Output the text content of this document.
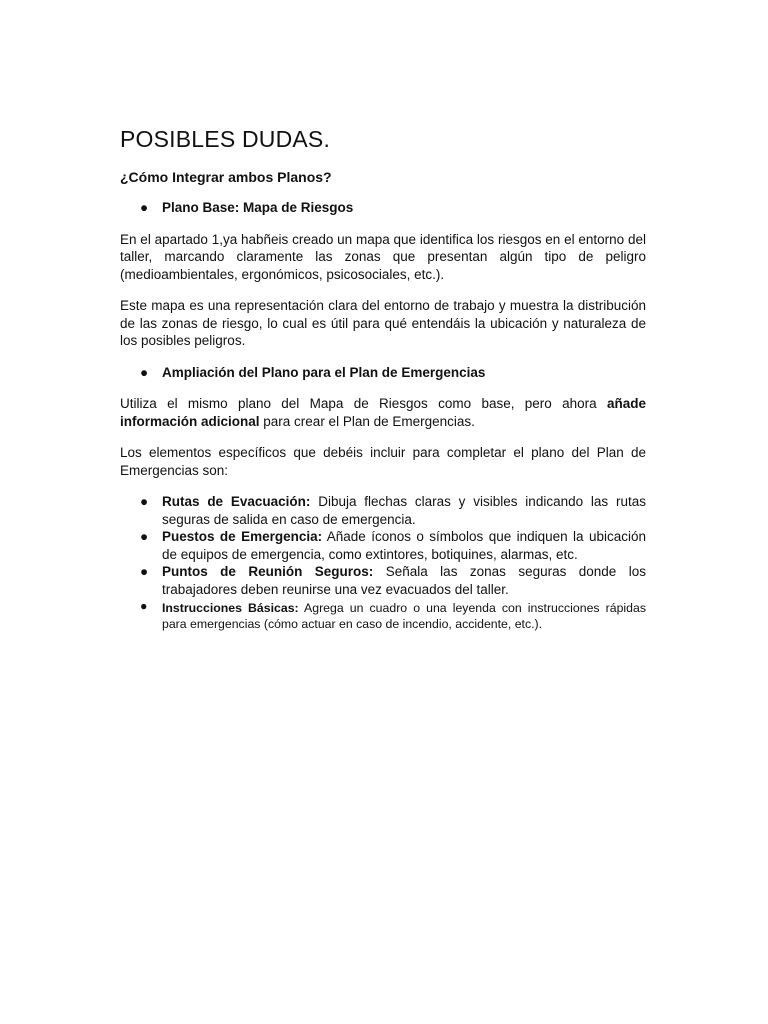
POSIBLES DUDAS.
¿Cómo Integrar ambos Planos?
● Plano Base: Mapa de Riesgos

En el apartado 1,ya habñeis creado un mapa que identifica los riesgos en el entorno del taller, marcando claramente las zonas que presentan algún tipo de peligro (medioambientales, ergonómicos, psicosociales, etc.).

Este mapa es una representación clara del entorno de trabajo y muestra la distribución de las zonas de riesgo, lo cual es útil para qué entendáis la ubicación y naturaleza de los posibles peligros.

● Ampliación del Plano para el Plan de Emergencias

Utiliza el mismo plano del Mapa de Riesgos como base, pero ahora añade información adicional para crear el Plan de Emergencias.

Los elementos específicos que debéis incluir para completar el plano del Plan de Emergencias son:

● Rutas de Evacuación: Dibuja flechas claras y visibles indicando las rutas seguras de salida en caso de emergencia.
● Puestos de Emergencia: Añade íconos o símbolos que indiquen la ubicación de equipos de emergencia, como extintores, botiquines, alarmas, etc.
● Puntos de Reunión Seguros: Señala las zonas seguras donde los trabajadores deben reunirse una vez evacuados del taller.
● Instrucciones Básicas: Agrega un cuadro o una leyenda con instrucciones rápidas para emergencias (cómo actuar en caso de incendio, accidente, etc.).
